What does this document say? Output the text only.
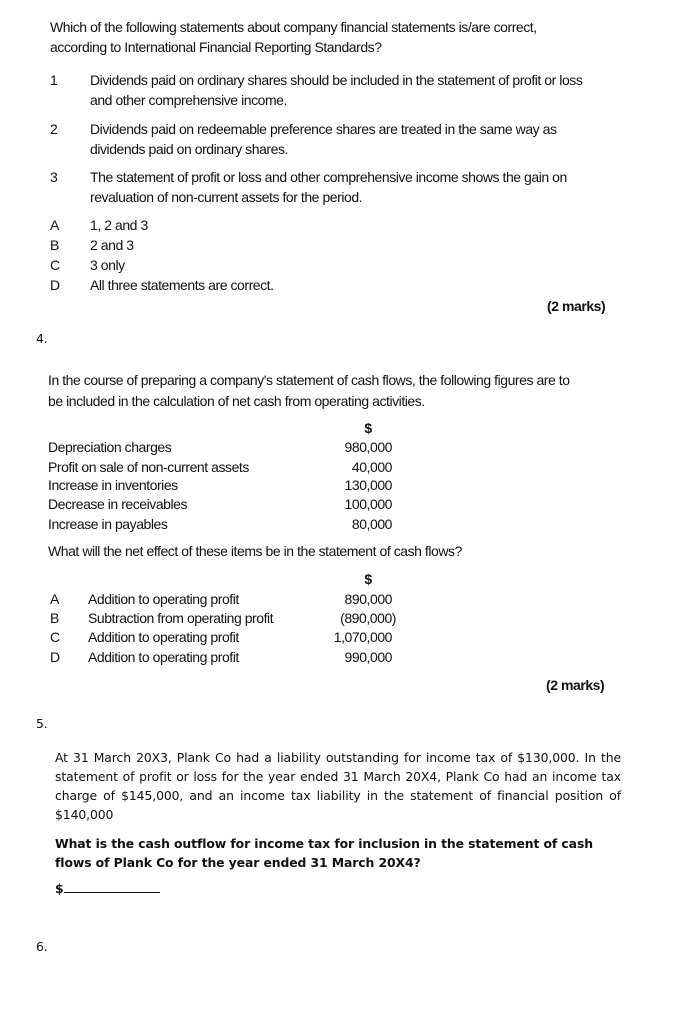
Which of the following statements about company financial statements is/are correct,
according to International Financial Reporting Standards?
1 Dividends paid on ordinary shares should be included in the statement of profit or loss
and other comprehensive income.
2 Dividends paid on redeemable preference shares are treated in the same way as
dividends paid on ordinary shares.
3 The statement of profit or loss and other comprehensive income shows the gain on
revaluation of non-current assets for the period.
A 1, 2 and 3
B 2 and 3
C 3 only
D All three statements are correct.
(2 marks)
4.
In the course of preparing a company's statement of cash flows, the following figures are to
be included in the calculation of net cash from operating activities.
$
Depreciation charges	980,000
Profit on sale of non-current assets	40,000
Increase in inventories	130,000
Decrease in receivables	100,000
Increase in payables	80,000
What will the net effect of these items be in the statement of cash flows?
$
A Addition to operating profit	890,000
B Subtraction from operating profit	(890,000)
C Addition to operating profit	1,070,000
D Addition to operating profit	990,000
(2 marks)
5.
At 31 March 20X3, Plank Co had a liability outstanding for income tax of $130,000. In the statement of profit or loss for the year ended 31 March 20X4, Plank Co had an income tax charge of $145,000, and an income tax liability in the statement of financial position of $140,000
What is the cash outflow for income tax for inclusion in the statement of cash flows of Plank Co for the year ended 31 March 20X4?
$
6.
